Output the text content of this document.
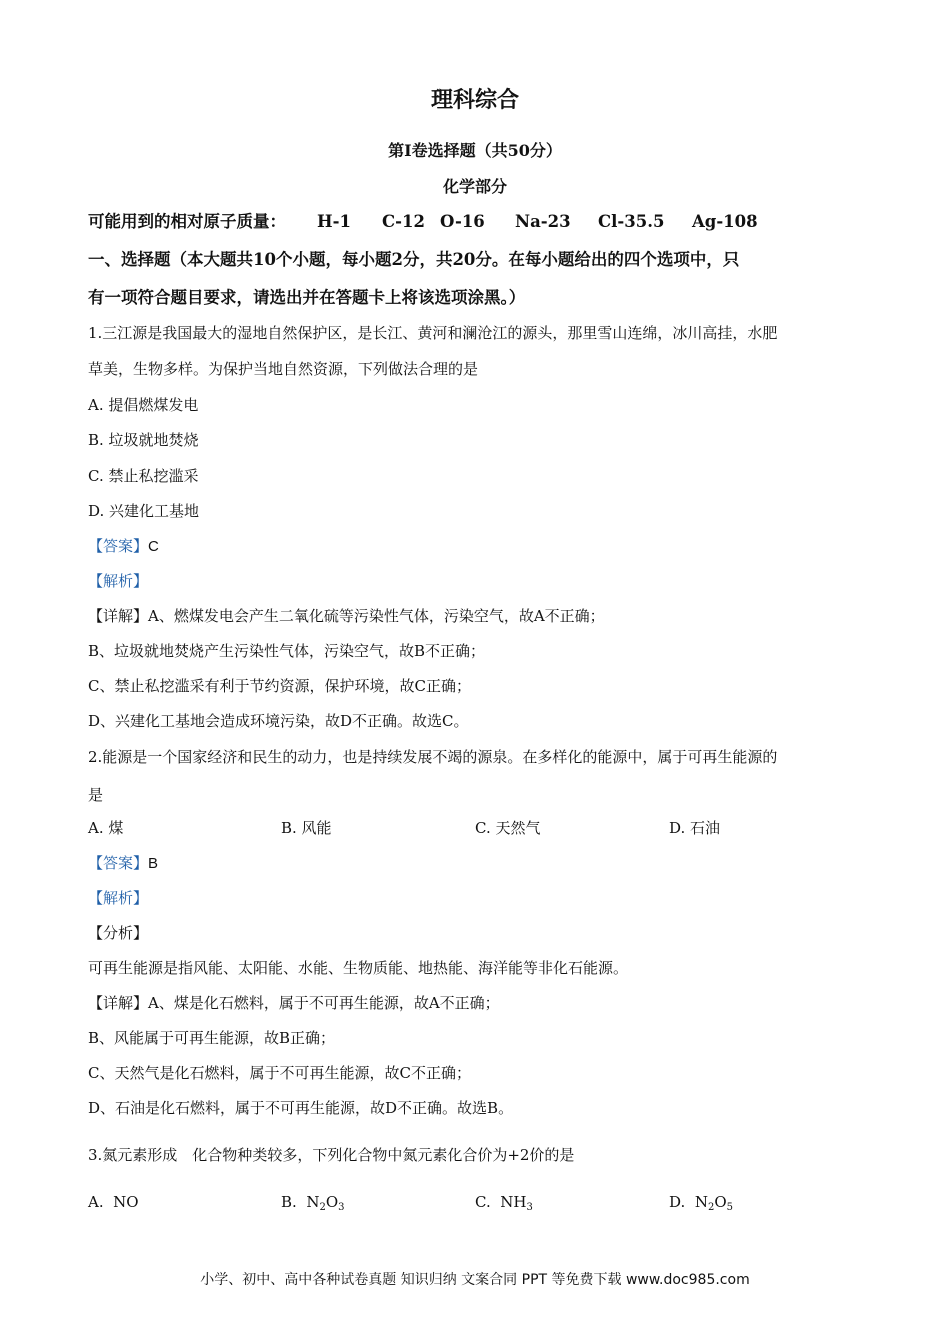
理科综合
第Ⅰ卷选择题（共50分）
化学部分
可能用到的相对原子质量： H-1 C-12 O-16 Na-23 Cl-35.5 Ag-108
一、选择题（本大题共10个小题，每小题2分，共20分。在每小题给出的四个选项中，只
有一项符合题目要求，请选出并在答题卡上将该选项涂黑。）
1.三江源是我国最大的湿地自然保护区，是长江、黄河和澜沧江的源头，那里雪山连绵，冰川高挂，水肥
草美，生物多样。为保护当地自然资源，下列做法合理的是
A. 提倡燃煤发电
B. 垃圾就地焚烧
C. 禁止私挖滥采
D. 兴建化工基地
【答案】C
【解析】
【详解】A、燃煤发电会产生二氧化硫等污染性气体，污染空气，故A不正确；
B、垃圾就地焚烧产生污染性气体，污染空气，故B不正确；
C、禁止私挖滥采有利于节约资源，保护环境，故C正确；
D、兴建化工基地会造成环境污染，故D不正确。故选C。
2.能源是一个国家经济和民生的动力，也是持续发展不竭的源泉。在多样化的能源中，属于可再生能源的
是
A. 煤	B. 风能	C. 天然气	D. 石油
【答案】B
【解析】
【分析】
可再生能源是指风能、太阳能、水能、生物质能、地热能、海洋能等非化石能源。
【详解】A、煤是化石燃料，属于不可再生能源，故A不正确；
B、风能属于可再生能源，故B正确；
C、天然气是化石燃料，属于不可再生能源，故C不正确；
D、石油是化石燃料，属于不可再生能源，故D不正确。故选B。
3.氮元素形成　化合物种类较多，下列化合物中氮元素化合价为+2价的是
A. NO	B. $N_2O_3$	C. $NH_3$	D. $N_2O_5$
小学、初中、高中各种试卷真题 知识归纳 文案合同 PPT 等免费下载 www.doc985.com
